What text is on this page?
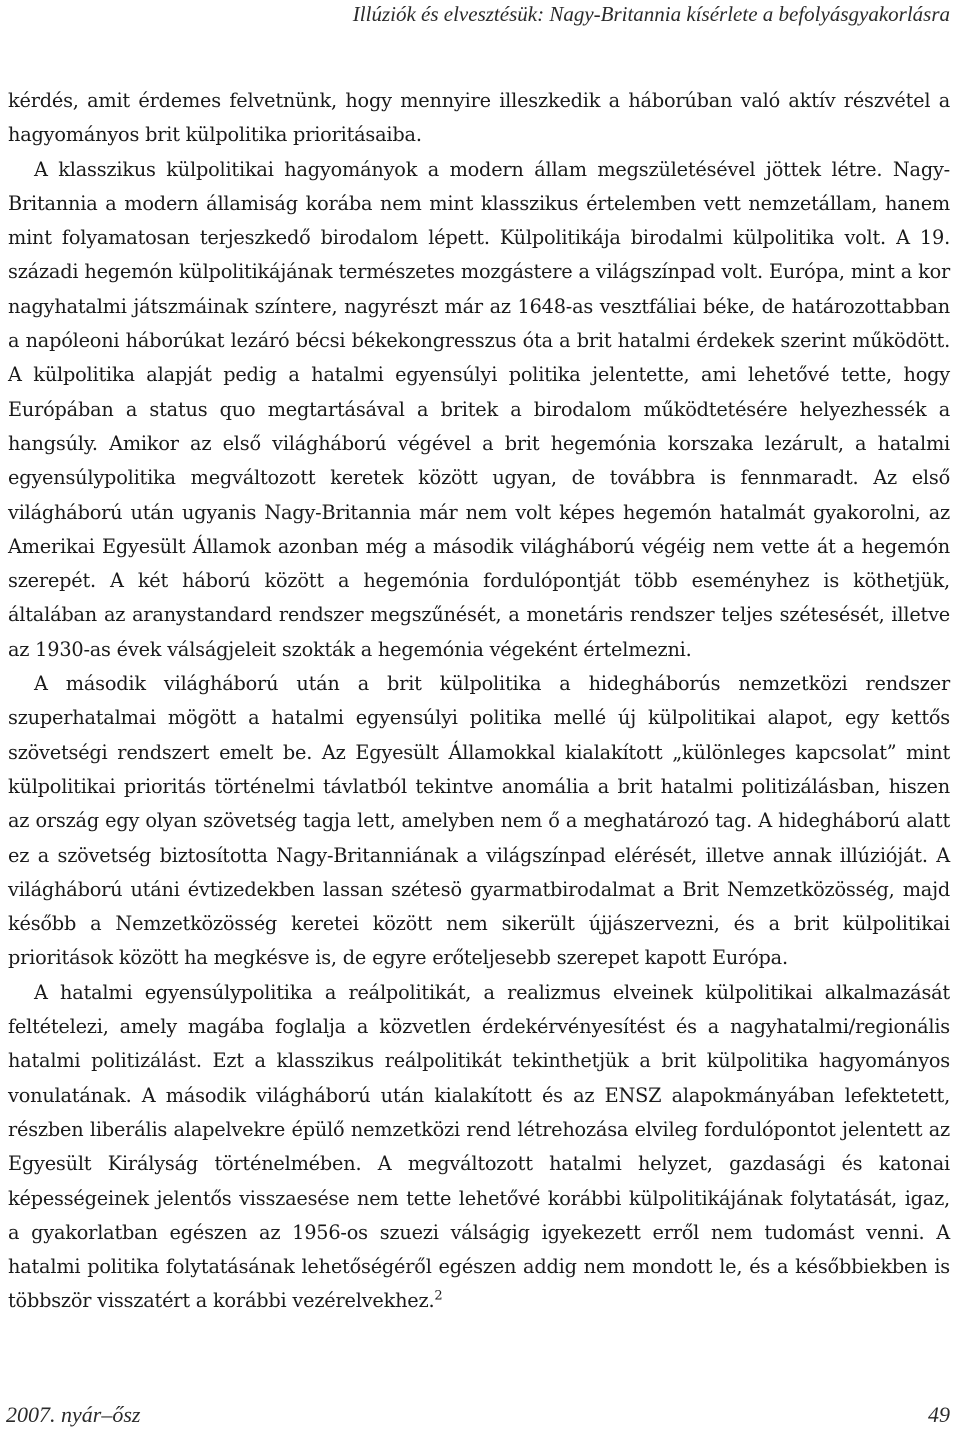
Illúziók és elvesztésük: Nagy-Britannia kísérlete a befolyásgyakorlásra

kérdés, amit érdemes felvetnünk, hogy mennyire illeszkedik a háborúban való aktív részvétel a hagyományos brit külpolitika prioritásaiba.

A klasszikus külpolitikai hagyományok a modern állam megszületésével jöttek létre. Nagy-Britannia a modern államiság korába nem mint klasszikus értelemben vett nemzetállam, hanem mint folyamatosan terjeszkedő birodalom lépett. Külpolitikája birodalmi külpolitika volt. A 19. századi hegemón külpolitikájának természetes mozgástere a világszínpad volt. Európa, mint a kor nagyhatalmi játszmáinak színtere, nagyrészt már az 1648-as vesztfáliai béke, de határozottabban a napóleoni háborúkat lezáró bécsi békekongresszus óta a brit hatalmi érdekek szerint működött. A külpolitika alapját pedig a hatalmi egyensúlyi politika jelentette, ami lehetővé tette, hogy Európában a status quo megtartásával a britek a birodalom működtetésére helyezhessék a hangsúly. Amikor az első világháború végével a brit hegemónia korszaka lezárult, a hatalmi egyensúlypolitika megváltozott keretek között ugyan, de továbbra is fennmaradt. Az első világháború után ugyanis Nagy-Britannia már nem volt képes hegemón hatalmát gyakorolni, az Amerikai Egyesült Államok azonban még a második világháború végéig nem vette át a hegemón szerepét. A két háború között a hegemónia fordulópontját több eseményhez is köthetjük, általában az aranystandard rendszer megszűnését, a monetáris rendszer teljes szétesését, illetve az 1930-as évek válságjeleit szokták a hegemónia végeként értelmezni.

A második világháború után a brit külpolitika a hidegháborús nemzetközi rendszer szuperhatalmai mögött a hatalmi egyensúlyi politika mellé új külpolitikai alapot, egy kettős szövetségi rendszert emelt be. Az Egyesült Államokkal kialakított „különleges kapcsolat” mint külpolitikai prioritás történelmi távlatból tekintve anomália a brit hatalmi politizálásban, hiszen az ország egy olyan szövetség tagja lett, amelyben nem ő a meghatározó tag. A hidegháború alatt ez a szövetség biztosította Nagy-Britanniának a világszínpad elérését, illetve annak illúzióját. A világháború utáni évtizedekben lassan szétesö gyarmatbirodalmat a Brit Nemzetközösség, majd később a Nemzetközösség keretei között nem sikerült újjászervezni, és a brit külpolitikai prioritások között ha megkésve is, de egyre erőteljesebb szerepet kapott Európa.

A hatalmi egyensúlypolitika a reálpolitikát, a realizmus elveinek külpolitikai alkalmazását feltételezi, amely magába foglalja a közvetlen érdekérvényesítést és a nagyhatalmi/regionális hatalmi politizálást. Ezt a klasszikus reálpolitikát tekinthetjük a brit külpolitika hagyományos vonulatának. A második világháború után kialakított és az ENSZ alapokmányában lefektetett, részben liberális alapelvekre épülő nemzetközi rend létrehozása elvileg fordulópontot jelentett az Egyesült Királyság történelmében. A megváltozott hatalmi helyzet, gazdasági és katonai képességeinek jelentős visszaesése nem tette lehetővé korábbi külpolitikájának folytatását, igaz, a gyakorlatban egészen az 1956-os szuezi válságig igyekezett erről nem tudomást venni. A hatalmi politika folytatásának lehetőségéről egészen addig nem mondott le, és a későbbiekben is többször visszatért a korábbi vezérelvekhez.$^2$

2007. nyár–ősz	49
